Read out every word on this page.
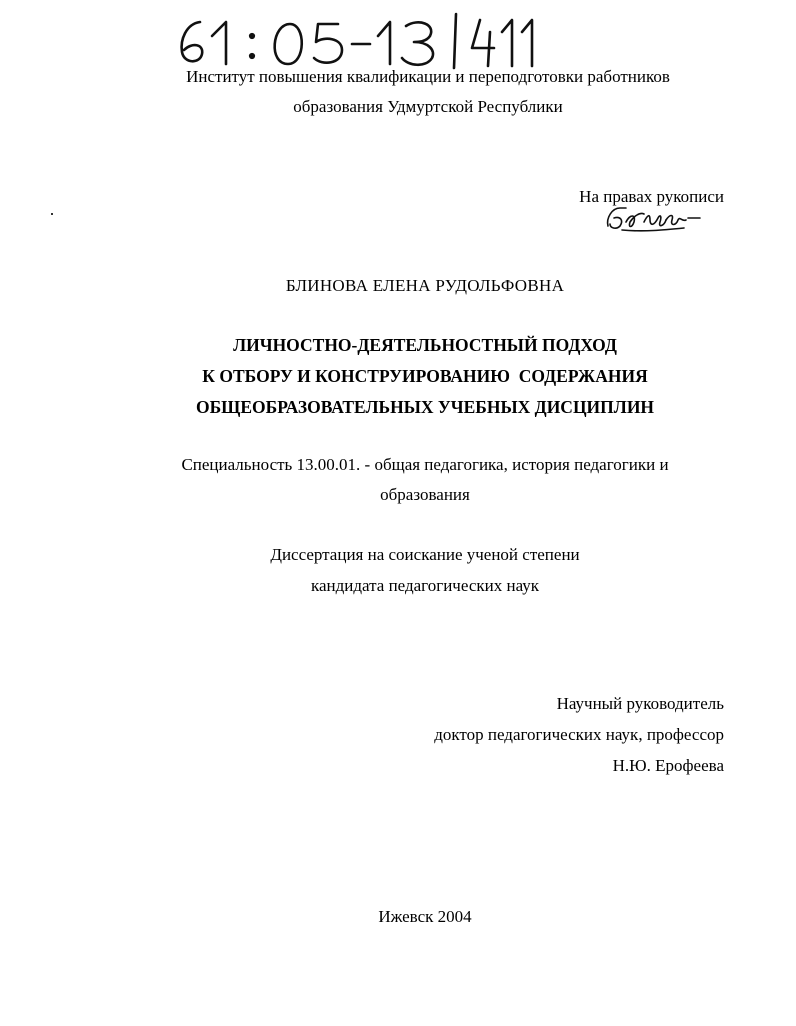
Институт повышения квалификации и переподготовки работников
образования Удмуртской Республики
На правах рукописи
БЛИНОВА ЕЛЕНА РУДОЛЬФОВНА
ЛИЧНОСТНО-ДЕЯТЕЛЬНОСТНЫЙ ПОДХОД
К ОТБОРУ И КОНСТРУИРОВАНИЮ  СОДЕРЖАНИЯ
ОБЩЕОБРАЗОВАТЕЛЬНЫХ УЧЕБНЫХ ДИСЦИПЛИН
Специальность 13.00.01. - общая педагогика, история педагогики и
образования
Диссертация на соискание ученой степени
кандидата педагогических наук
Научный руководитель
доктор педагогических наук, профессор
Н.Ю. Ерофеева
Ижевск 2004
